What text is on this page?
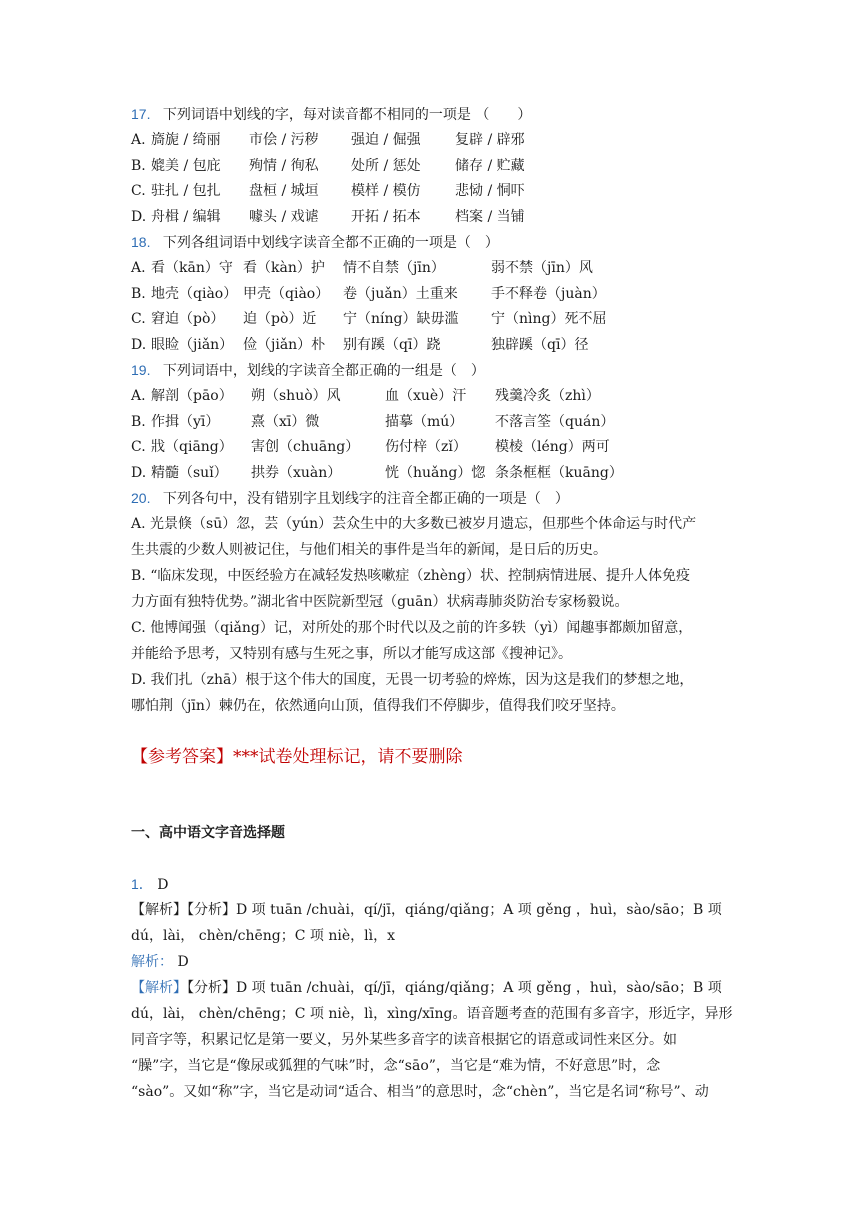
17. 下列词语中划线的字，每对读音都不相同的一项是 （　　）
A. 旖旎 / 绮丽 市侩 / 污秽 强迫 / 倔强 复辟 / 辟邪
B. 媲美 / 包庇 殉情 / 徇私 处所 / 惩处 储存 / 贮藏
C. 驻扎 / 包扎 盘桓 / 城垣 模样 / 模仿 悲恸 / 恫吓
D. 舟楫 / 编辑 噱头 / 戏谑 开拓 / 拓本 档案 / 当铺
18. 下列各组词语中划线字读音全都不正确的一项是（　）
A. 看（kān）守 看（kàn）护 情不自禁（jīn）	弱不禁（jīn）风
B. 地壳（qiào） 甲壳（qiào） 卷（juǎn）土重来 手不释卷（juàn）
C. 窘迫（pò） 迫（pò）近 宁（níng）缺毋滥 宁（nìng）死不屈
D. 眼睑（jiǎn） 俭（jiǎn）朴 别有蹊（qī）跷	独辟蹊（qī）径
19. 下列词语中，划线的字读音全都正确的一组是（　）
A. 解剖（pāo） 朔（shuò）风	血（xuè）汗 残羹冷炙（zhì）
B. 作揖（yī） 熹（xī）微	描摹（mú） 不落言筌（quán）
C. 戕（qiāng） 害创（chuāng） 伤付梓（zǐ） 模棱（léng）两可
D. 精髓（suǐ） 拱券（xuàn）	恍（huǎng）惚 条条框框（kuāng）
20. 下列各句中，没有错别字且划线字的注音全都正确的一项是（　）
A. 光景倏（sū）忽，芸（yún）芸众生中的大多数已被岁月遗忘，但那些个体命运与时代产
生共震的少数人则被记住，与他们相关的事件是当年的新闻，是日后的历史。
B. “临床发现，中医经验方在减轻发热咳嗽症（zhèng）状、控制病情进展、提升人体免疫
力方面有独特优势。”湖北省中医院新型冠（guān）状病毒肺炎防治专家杨毅说。
C. 他博闻强（qiǎng）记，对所处的那个时代以及之前的许多轶（yì）闻趣事都颇加留意，
并能给予思考，又特别有感与生死之事，所以才能写成这部《搜神记》。
D. 我们扎（zhā）根于这个伟大的国度，无畏一切考验的焠炼，因为这是我们的梦想之地，
哪怕荆（jīn）棘仍在，依然通向山顶，值得我们不停脚步，值得我们咬牙坚持。
【参考答案】***试卷处理标记，请不要删除
一、高中语文字音选择题
1． D
【解析】【分析】D 项 tuān /chuài，qí/jī，qiáng/qiǎng；A 项 gěng ，huì，sào/sāo；B 项
dú，lài， chèn/chēng；C 项 niè，lì，x
解析： D
【解析】【分析】D 项 tuān /chuài，qí/jī，qiáng/qiǎng；A 项 gěng ，huì，sào/sāo；B 项
dú，lài， chèn/chēng；C 项 niè，lì，xìng/xīng。语音题考查的范围有多音字，形近字，异形
同音字等，积累记忆是第一要义，另外某些多音字的读音根据它的语意或词性来区分。如
“臊”字，当它是“像尿或狐狸的气味”时，念“sāo”，当它是“难为情，不好意思”时，念
“sào”。又如“称”字，当它是动词“适合、相当”的意思时，念“chèn”，当它是名词“称号”、动
